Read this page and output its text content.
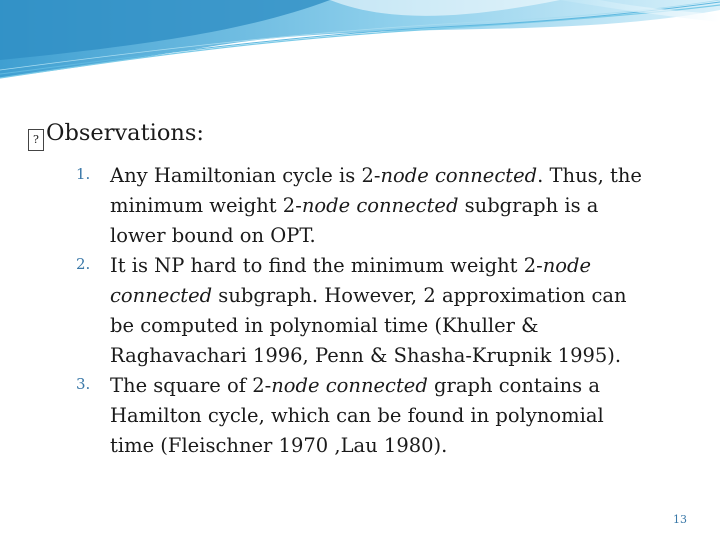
? Observations:
1. Any Hamiltonian cycle is 2-node connected. Thus, the
minimum weight 2-node connected subgraph is a
lower bound on OPT.
2. It is NP hard to find the minimum weight 2-node
connected subgraph. However, 2 approximation can
be computed in polynomial time (Khuller &
Raghavachari 1996, Penn & Shasha-Krupnik 1995).
3. The square of 2-node connected graph contains a
Hamilton cycle, which can be found in polynomial
time (Fleischner 1970 ,Lau 1980).
13
